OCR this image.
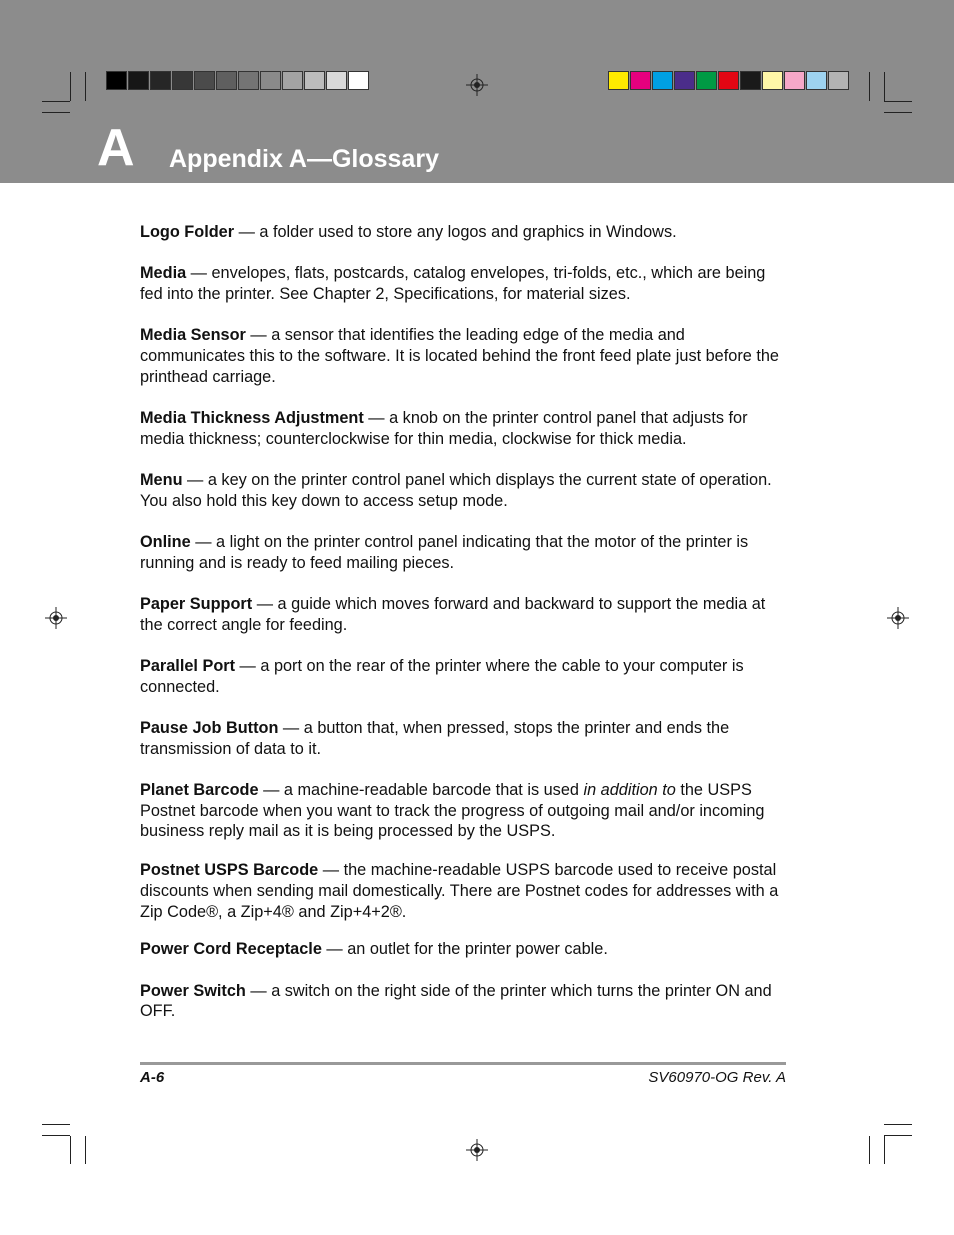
A Appendix A—Glossary

Logo Folder — a folder used to store any logos and graphics in Windows.

Media — envelopes, flats, postcards, catalog envelopes, tri-folds, etc., which are being fed into the printer. See Chapter 2, Specifications, for material sizes.

Media Sensor — a sensor that identifies the leading edge of the media and communicates this to the software. It is located behind the front feed plate just before the printhead carriage.

Media Thickness Adjustment — a knob on the printer control panel that adjusts for media thickness; counterclockwise for thin media, clockwise for thick media.

Menu — a key on the printer control panel which displays the current state of operation. You also hold this key down to access setup mode.

Online — a light on the printer control panel indicating that the motor of the printer is running and is ready to feed mailing pieces.

Paper Support — a guide which moves forward and backward to support the media at the correct angle for feeding.

Parallel Port — a port on the rear of the printer where the cable to your computer is connected.

Pause Job Button — a button that, when pressed, stops the printer and ends the transmission of data to it.

Planet Barcode — a machine-readable barcode that is used in addition to the USPS Postnet barcode when you want to track the progress of outgoing mail and/or incoming business reply mail as it is being processed by the USPS.

Postnet USPS Barcode — the machine-readable USPS barcode used to receive postal discounts when sending mail domestically. There are Postnet codes for addresses with a Zip Code®, a Zip+4® and Zip+4+2®.

Power Cord Receptacle — an outlet for the printer power cable.

Power Switch — a switch on the right side of the printer which turns the printer ON and OFF.

A-6	SV60970-OG Rev. A
